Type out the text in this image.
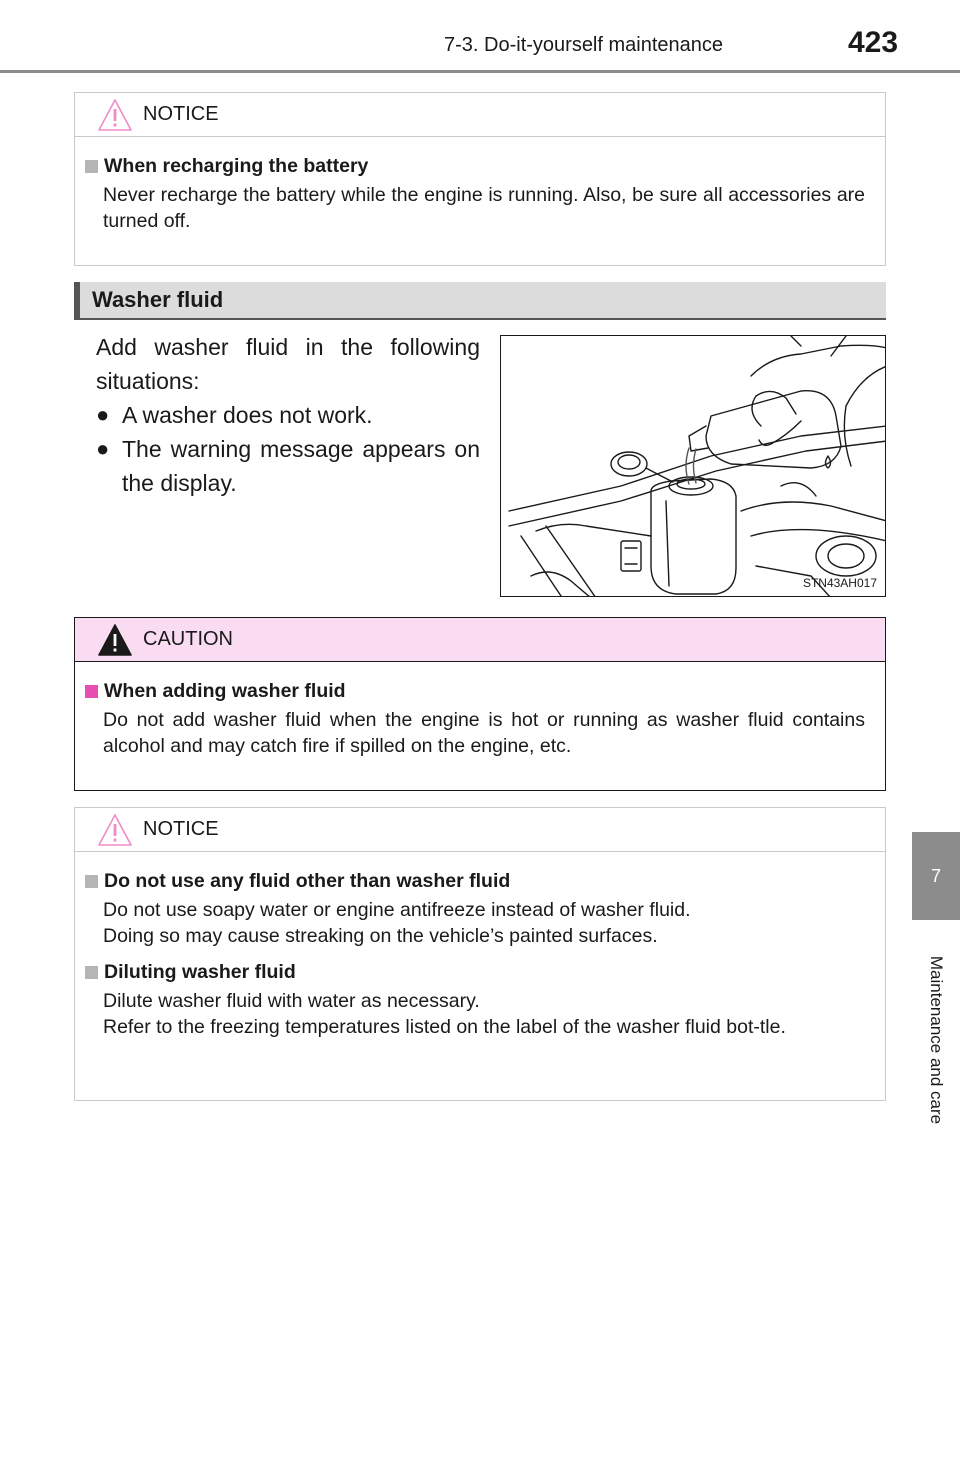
7-3. Do-it-yourself maintenance	423
7
Maintenance and care
NOTICE
When recharging the battery
Never recharge the battery while the engine is running. Also, be sure all accessories are turned off.
Washer fluid
Add washer fluid in the following situations:
● A washer does not work.
● The warning message appears on the display.
STN43AH017
CAUTION
When adding washer fluid
Do not add washer fluid when the engine is hot or running as washer fluid contains alcohol and may catch fire if spilled on the engine, etc.
NOTICE
Do not use any fluid other than washer fluid

Do not use soapy water or engine antifreeze instead of washer fluid.

Doing so may cause streaking on the vehicle’s painted surfaces.

Diluting washer fluid

Dilute washer fluid with water as necessary.

Refer to the freezing temperatures listed on the label of the washer fluid bot-tle.
